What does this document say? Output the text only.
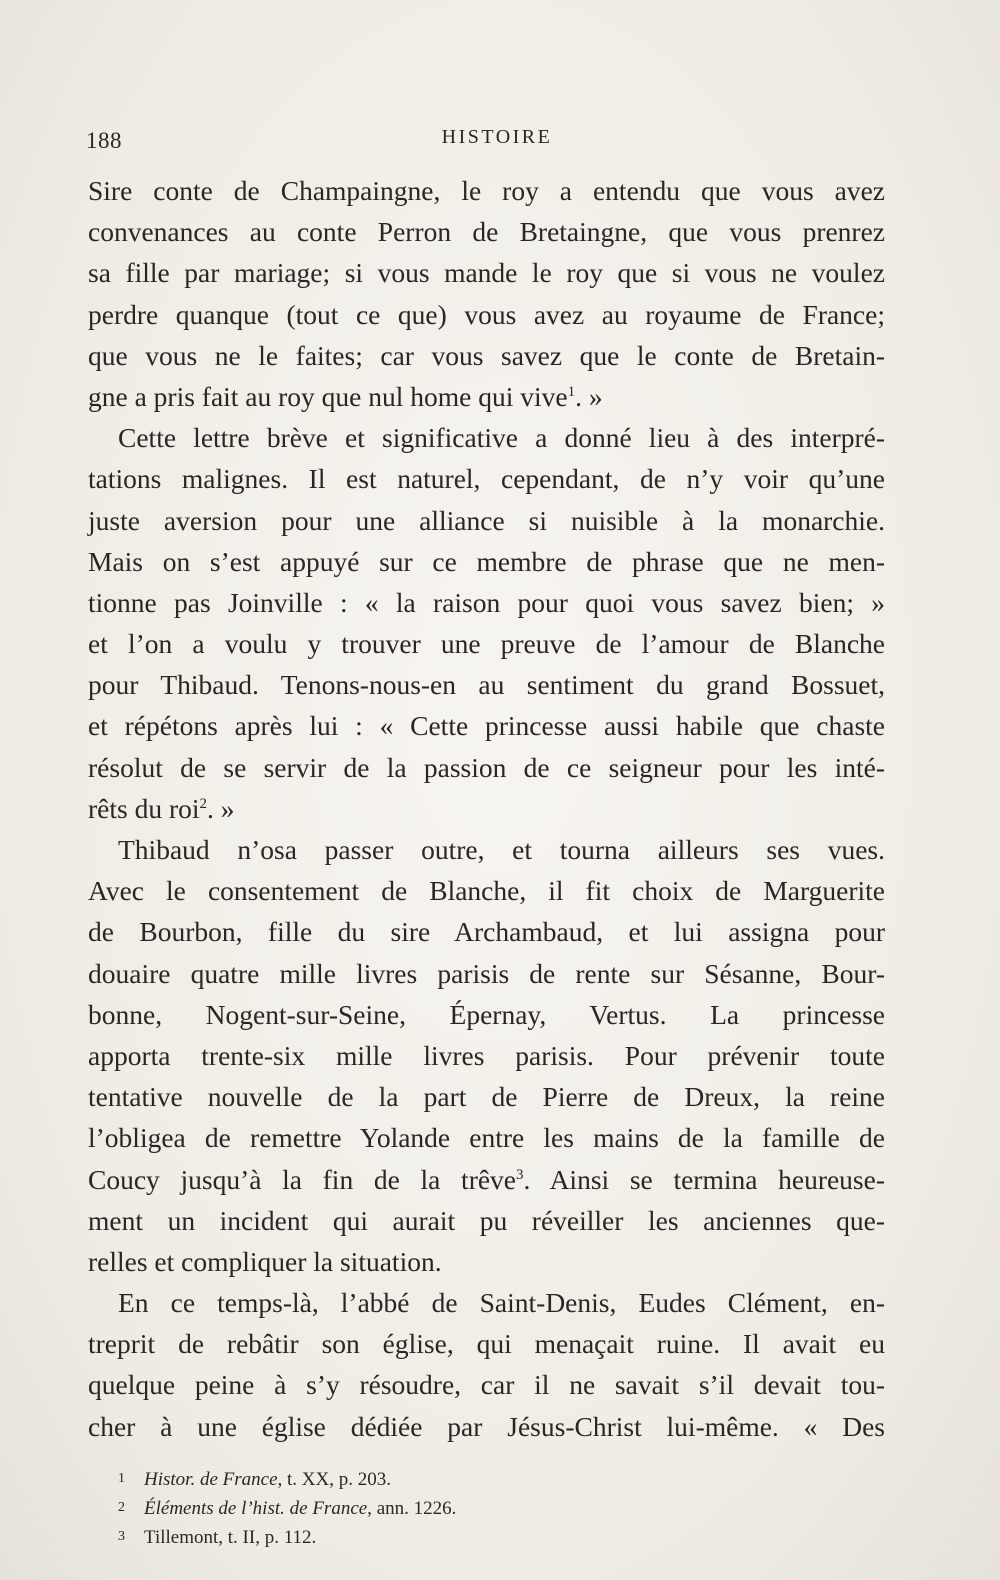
188	HISTOIRE
Sire conte de Champaingne, le roy a entendu que vous avez
convenances au conte Perron de Bretaingne, que vous prenrez
sa fille par mariage; si vous mande le roy que si vous ne voulez
perdre quanque (tout ce que) vous avez au royaume de France;
que vous ne le faites; car vous savez que le conte de Bretain-
gne a pris fait au roy que nul home qui vive$^1$. »
Cette lettre brève et significative a donné lieu à des interpré-
tations malignes. Il est naturel, cependant, de n’y voir qu’une
juste aversion pour une alliance si nuisible à la monarchie.
Mais on s’est appuyé sur ce membre de phrase que ne men-
tionne pas Joinville : « la raison pour quoi vous savez bien; »
et l’on a voulu y trouver une preuve de l’amour de Blanche
pour Thibaud. Tenons-nous-en au sentiment du grand Bossuet,
et répétons après lui : « Cette princesse aussi habile que chaste
résolut de se servir de la passion de ce seigneur pour les inté-
rêts du roi$^2$. »
Thibaud n’osa passer outre, et tourna ailleurs ses vues.
Avec le consentement de Blanche, il fit choix de Marguerite
de Bourbon, fille du sire Archambaud, et lui assigna pour
douaire quatre mille livres parisis de rente sur Sésanne, Bour-
bonne, Nogent-sur-Seine, Épernay, Vertus. La princesse
apporta trente-six mille livres parisis. Pour prévenir toute
tentative nouvelle de la part de Pierre de Dreux, la reine
l’obligea de remettre Yolande entre les mains de la famille de
Coucy jusqu’à la fin de la trêve$^3$. Ainsi se termina heureuse-
ment un incident qui aurait pu réveiller les anciennes que-
relles et compliquer la situation.
En ce temps-là, l’abbé de Saint-Denis, Eudes Clément, en-
treprit de rebâtir son église, qui menaçait ruine. Il avait eu
quelque peine à s’y résoudre, car il ne savait s’il devait tou-
cher à une église dédiée par Jésus-Christ lui-même. « Des
1 Histor. de France, t. XX, p. 203.
2 Éléments de l’hist. de France, ann. 1226.
3 Tillemont, t. II, p. 112.
